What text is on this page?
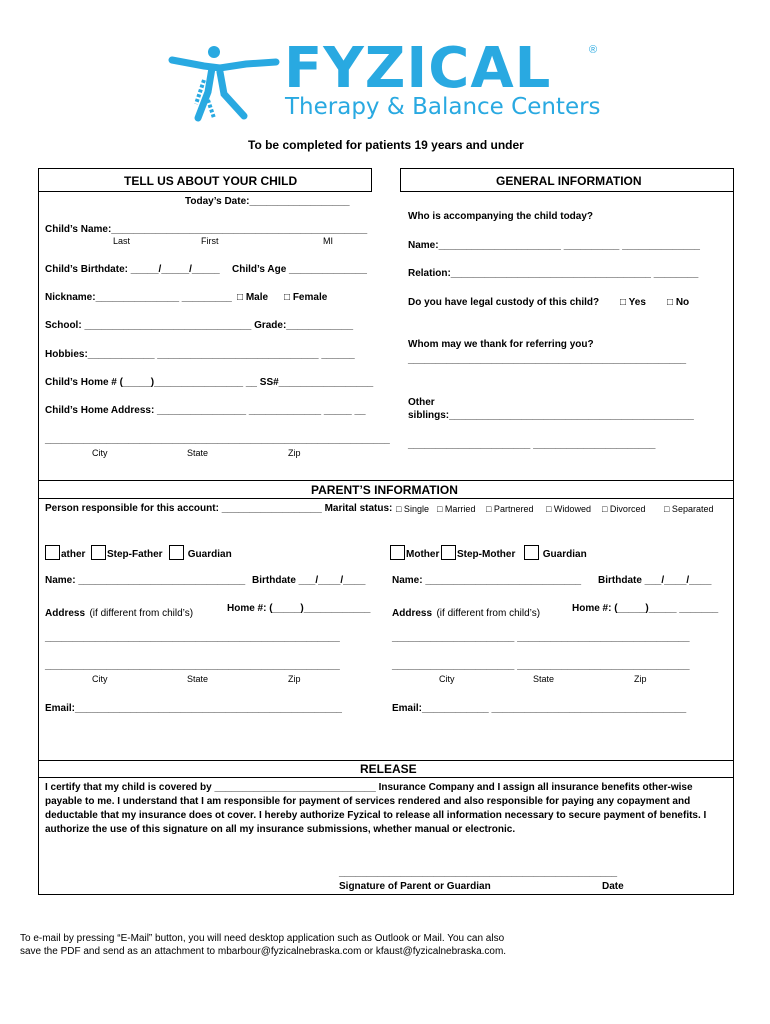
FYZICAL	®
Therapy & Balance Centers
To be completed for patients 19 years and under
TELL US ABOUT YOUR CHILD
Today’s Date:__________________
Child’s Name:______________________________________________
Last	First	MI
Child’s Birthdate: _____/_____/_____ Child’s Age ______________
Nickname:_______________ _________ □ Male □ Female
School: ______________________________ Grade:____________
Hobbies:____________ _____________________________ ______
Child’s Home # (_____)________________ __ SS#_________________
Child’s Home Address: ________________ _____________ _____ __
______________________________________________________________
City	State	Zip
GENERAL INFORMATION
Who is accompanying the child today?
Name:______________________ __________ ______________
Relation:____________________________________ ________
Do you have legal custody of this child? □ Yes □ No
Whom may we thank for referring you?
__________________________________________________
Other
siblings:____________________________________________
______________________ ______________________
PARENT’S INFORMATION
Person responsible for this account: __________________ Marital status: □ Single □ Married □ Partnered □ Widowed □ Divorced □ Separated
ather	Step-Father	Guardian	Mother	Step-Mother	Guardian
Name: ______________________________ Birthdate ___/____/____	Name: ____________________________ Birthdate ___/____/____
Address (if different from child’s)	Home #: (_____)____________ Address (if different from child’s)	Home #: (_____)_____ _______
_____________________________________________________	______________________ _______________________________
_____________________________________________________	______________________ _______________________________
City	State	Zip	City	State	Zip
Email:________________________________________________	Email:____________ ___________________________________
RELEASE
I certify that my child is covered by _____________________________ Insurance Company and I assign all insurance benefits other-wise
payable to me. I understand that I am responsible for payment of services rendered and also responsible for paying any copayment and
deductable that my insurance does ot cover. I hereby authorize Fyzical to release all information necessary to secure payment of benefits. I
authorize the use of this signature on all my insurance submissions, whether manual or electronic.
__________________________________________________
Signature of Parent or Guardian	Date
To e-mail by pressing “E-Mail” button, you will need desktop application such as Outlook or Mail. You can also
save the PDF and send as an attachment to mbarbour@fyzicalnebraska.com or kfaust@fyzicalnebraska.com.
